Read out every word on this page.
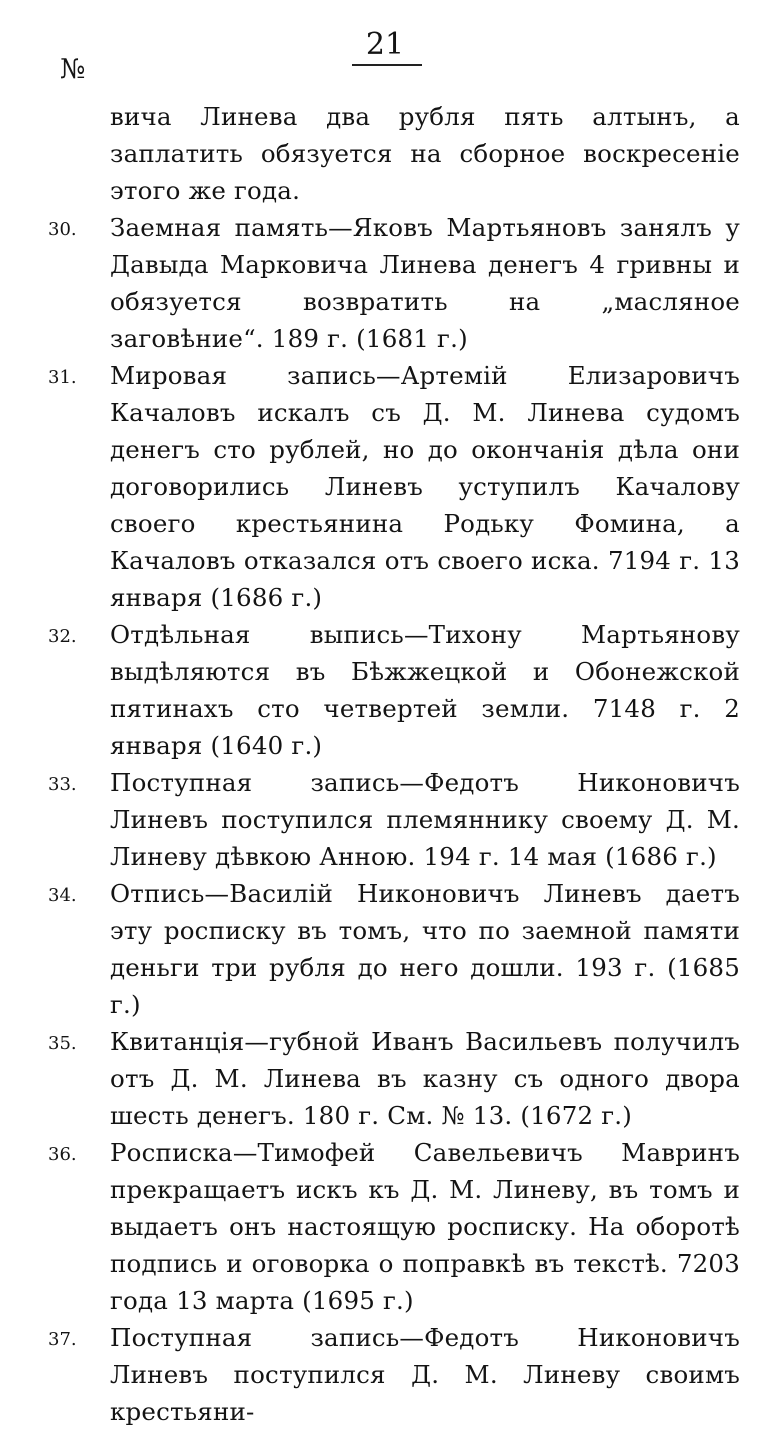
21
№
вича Линева два рубля пять алтынъ, а заплатить обязуется на сборное воскресеніе этого же года.
30.	Заемная память—Яковъ Мартьяновъ занялъ у Давыда Марковича Линева денегъ 4 гривны и обязуется возвратить на „масляное заговѣние“. 189 г. (1681 г.)
31.	Мировая запись—Артемій Елизаровичъ Качаловъ искалъ съ Д. М. Линева судомъ денегъ сто рублей, но до окончанія дѣла они договорились Линевъ уступилъ Качалову своего крестьянина Родьку Фомина, а Качаловъ отказался отъ своего иска. 7194 г. 13 января (1686 г.)
32.	Отдѣльная выпись—Тихону Мартьянову выдѣляются въ Бѣжжецкой и Обонежской пятинахъ сто четвертей земли. 7148 г. 2 января (1640 г.)
33.	Поступная запись—Федотъ Никоновичъ Линевъ поступился племяннику своему Д. М. Линеву дѣвкою Анною. 194 г. 14 мая (1686 г.)
34.	Отпись—Василій Никоновичъ Линевъ даетъ эту росписку въ томъ, что по заемной памяти деньги три рубля до него дошли. 193 г. (1685 г.)
35.	Квитанція—губной Иванъ Васильевъ получилъ отъ Д. М. Линева въ казну съ одного двора шесть денегъ. 180 г. См. № 13. (1672 г.)
36.	Росписка—Тимофей Савельевичъ Мавринъ прекращаетъ искъ къ Д. М. Линеву, въ томъ и выдаетъ онъ настоящую росписку. На оборотѣ подпись и оговорка о поправкѣ въ текстѣ. 7203 года 13 марта (1695 г.)
37.	Поступная запись—Федотъ Никоновичъ Линевъ поступился Д. М. Линеву своимъ крестьяни-
